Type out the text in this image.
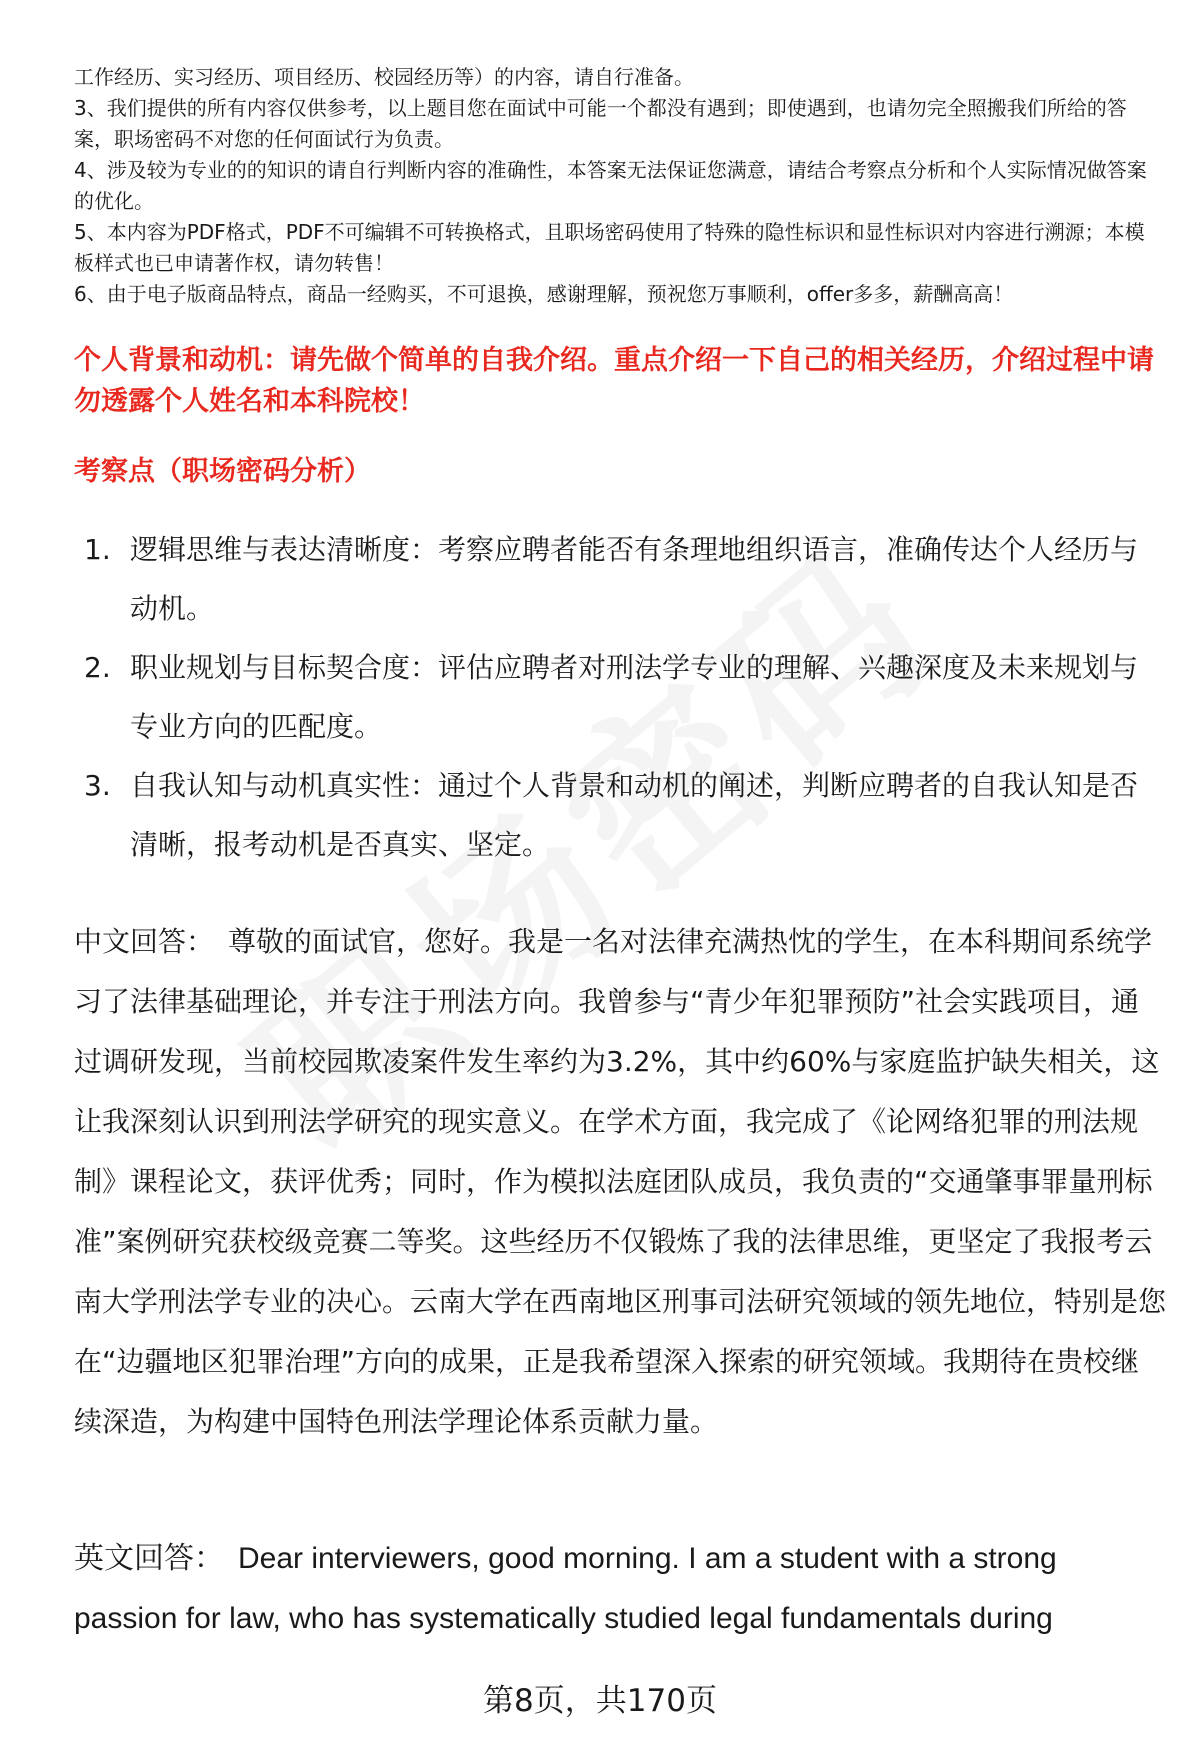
工作经历、实习经历、项目经历、校园经历等）的内容，请自行准备。

3、我们提供的所有内容仅供参考，以上题目您在面试中可能一个都没有遇到；即使遇到，也请勿完全照搬我们所给的答案，职场密码不对您的任何面试行为负责。

4、涉及较为专业的的知识的请自行判断内容的准确性，本答案无法保证您满意，请结合考察点分析和个人实际情况做答案的优化。

5、本内容为PDF格式，PDF不可编辑不可转换格式，且职场密码使用了特殊的隐性标识和显性标识对内容进行溯源；本模板样式也已申请著作权，请勿转售！

6、由于电子版商品特点，商品一经购买，不可退换，感谢理解，预祝您万事顺利，offer多多，薪酬高高！

个人背景和动机：请先做个简单的自我介绍。重点介绍一下自己的相关经历，介绍过程中请勿透露个人姓名和本科院校！
考察点（职场密码分析）
1. 逻辑思维与表达清晰度：考察应聘者能否有条理地组织语言，准确传达个人经历与动机。
2. 职业规划与目标契合度：评估应聘者对刑法学专业的理解、兴趣深度及未来规划与专业方向的匹配度。
3. 自我认知与动机真实性：通过个人背景和动机的阐述，判断应聘者的自我认知是否清晰，报考动机是否真实、坚定。

中文回答： 尊敬的面试官，您好。我是一名对法律充满热忱的学生，在本科期间系统学习了法律基础理论，并专注于刑法方向。我曾参与“青少年犯罪预防”社会实践项目，通过调研发现，当前校园欺凌案件发生率约为3.2%，其中约60%与家庭监护缺失相关，这让我深刻认识到刑法学研究的现实意义。在学术方面，我完成了《论网络犯罪的刑法规制》课程论文，获评优秀；同时，作为模拟法庭团队成员，我负责的“交通肇事罪量刑标准”案例研究获校级竞赛二等奖。这些经历不仅锻炼了我的法律思维，更坚定了我报考云南大学刑法学专业的决心。云南大学在西南地区刑事司法研究领域的领先地位，特别是您在“边疆地区犯罪治理”方向的成果，正是我希望深入探索的研究领域。我期待在贵校继续深造，为构建中国特色刑法学理论体系贡献力量。

英文回答： Dear interviewers, good morning. I am a student with a strong passion for law, who has systematically studied legal fundamentals during

第8页，共170页
